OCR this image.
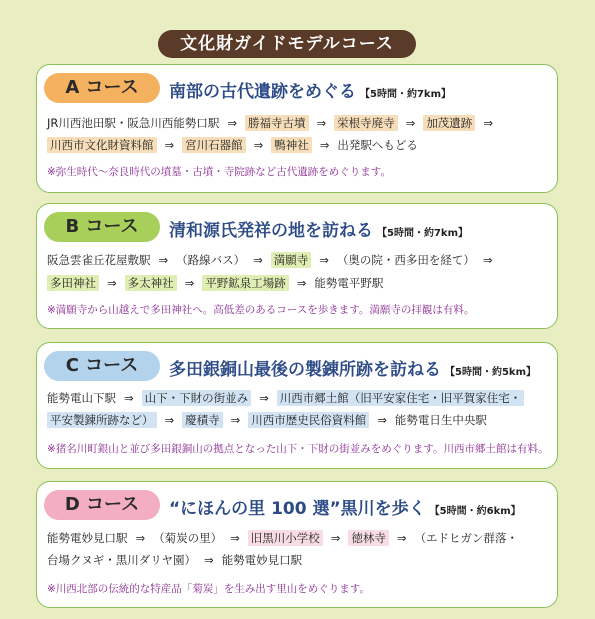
文化財ガイドモデルコース
A コース	南部の古代遺跡をめぐる 【5時間・約7km】
JR川西池田駅・阪急川西能勢口駅 ⇒ 勝福寺古墳 ⇒ 栄根寺廃寺 ⇒ 加茂遺跡 ⇒
川西市文化財資料館 ⇒ 宮川石器館 ⇒ 鴨神社 ⇒ 出発駅へもどる
※弥生時代～奈良時代の墳墓・古墳・寺院跡など古代遺跡をめぐります。
B コース	清和源氏発祥の地を訪ねる 【5時間・約7km】
阪急雲雀丘花屋敷駅 ⇒ （路線バス） ⇒ 満願寺 ⇒ （奥の院・西多田を経て） ⇒
多田神社 ⇒ 多太神社 ⇒ 平野鉱泉工場跡 ⇒ 能勢電平野駅
※満願寺から山越えで多田神社へ。高低差のあるコースを歩きます。満願寺の拝観は有料。
C コース	多田銀銅山最後の製錬所跡を訪ねる 【5時間・約5km】
能勢電山下駅 ⇒ 山下・下財の街並み ⇒ 川西市郷土館（旧平安家住宅・旧平賀家住宅・
平安製錬所跡など） ⇒ 慶積寺 ⇒ 川西市歴史民俗資料館 ⇒ 能勢電日生中央駅
※猪名川町銀山と並び多田銀銅山の拠点となった山下・下財の街並みをめぐります。川西市郷土館は有料。
D コース	“にほんの里 100 選”黒川を歩く 【5時間・約6km】
能勢電妙見口駅 ⇒ （菊炭の里） ⇒ 旧黒川小学校 ⇒ 徳林寺 ⇒ （エドヒガン群落・
台場クヌギ・黒川ダリヤ園） ⇒ 能勢電妙見口駅
※川西北部の伝統的な特産品「菊炭」を生み出す里山をめぐります。
